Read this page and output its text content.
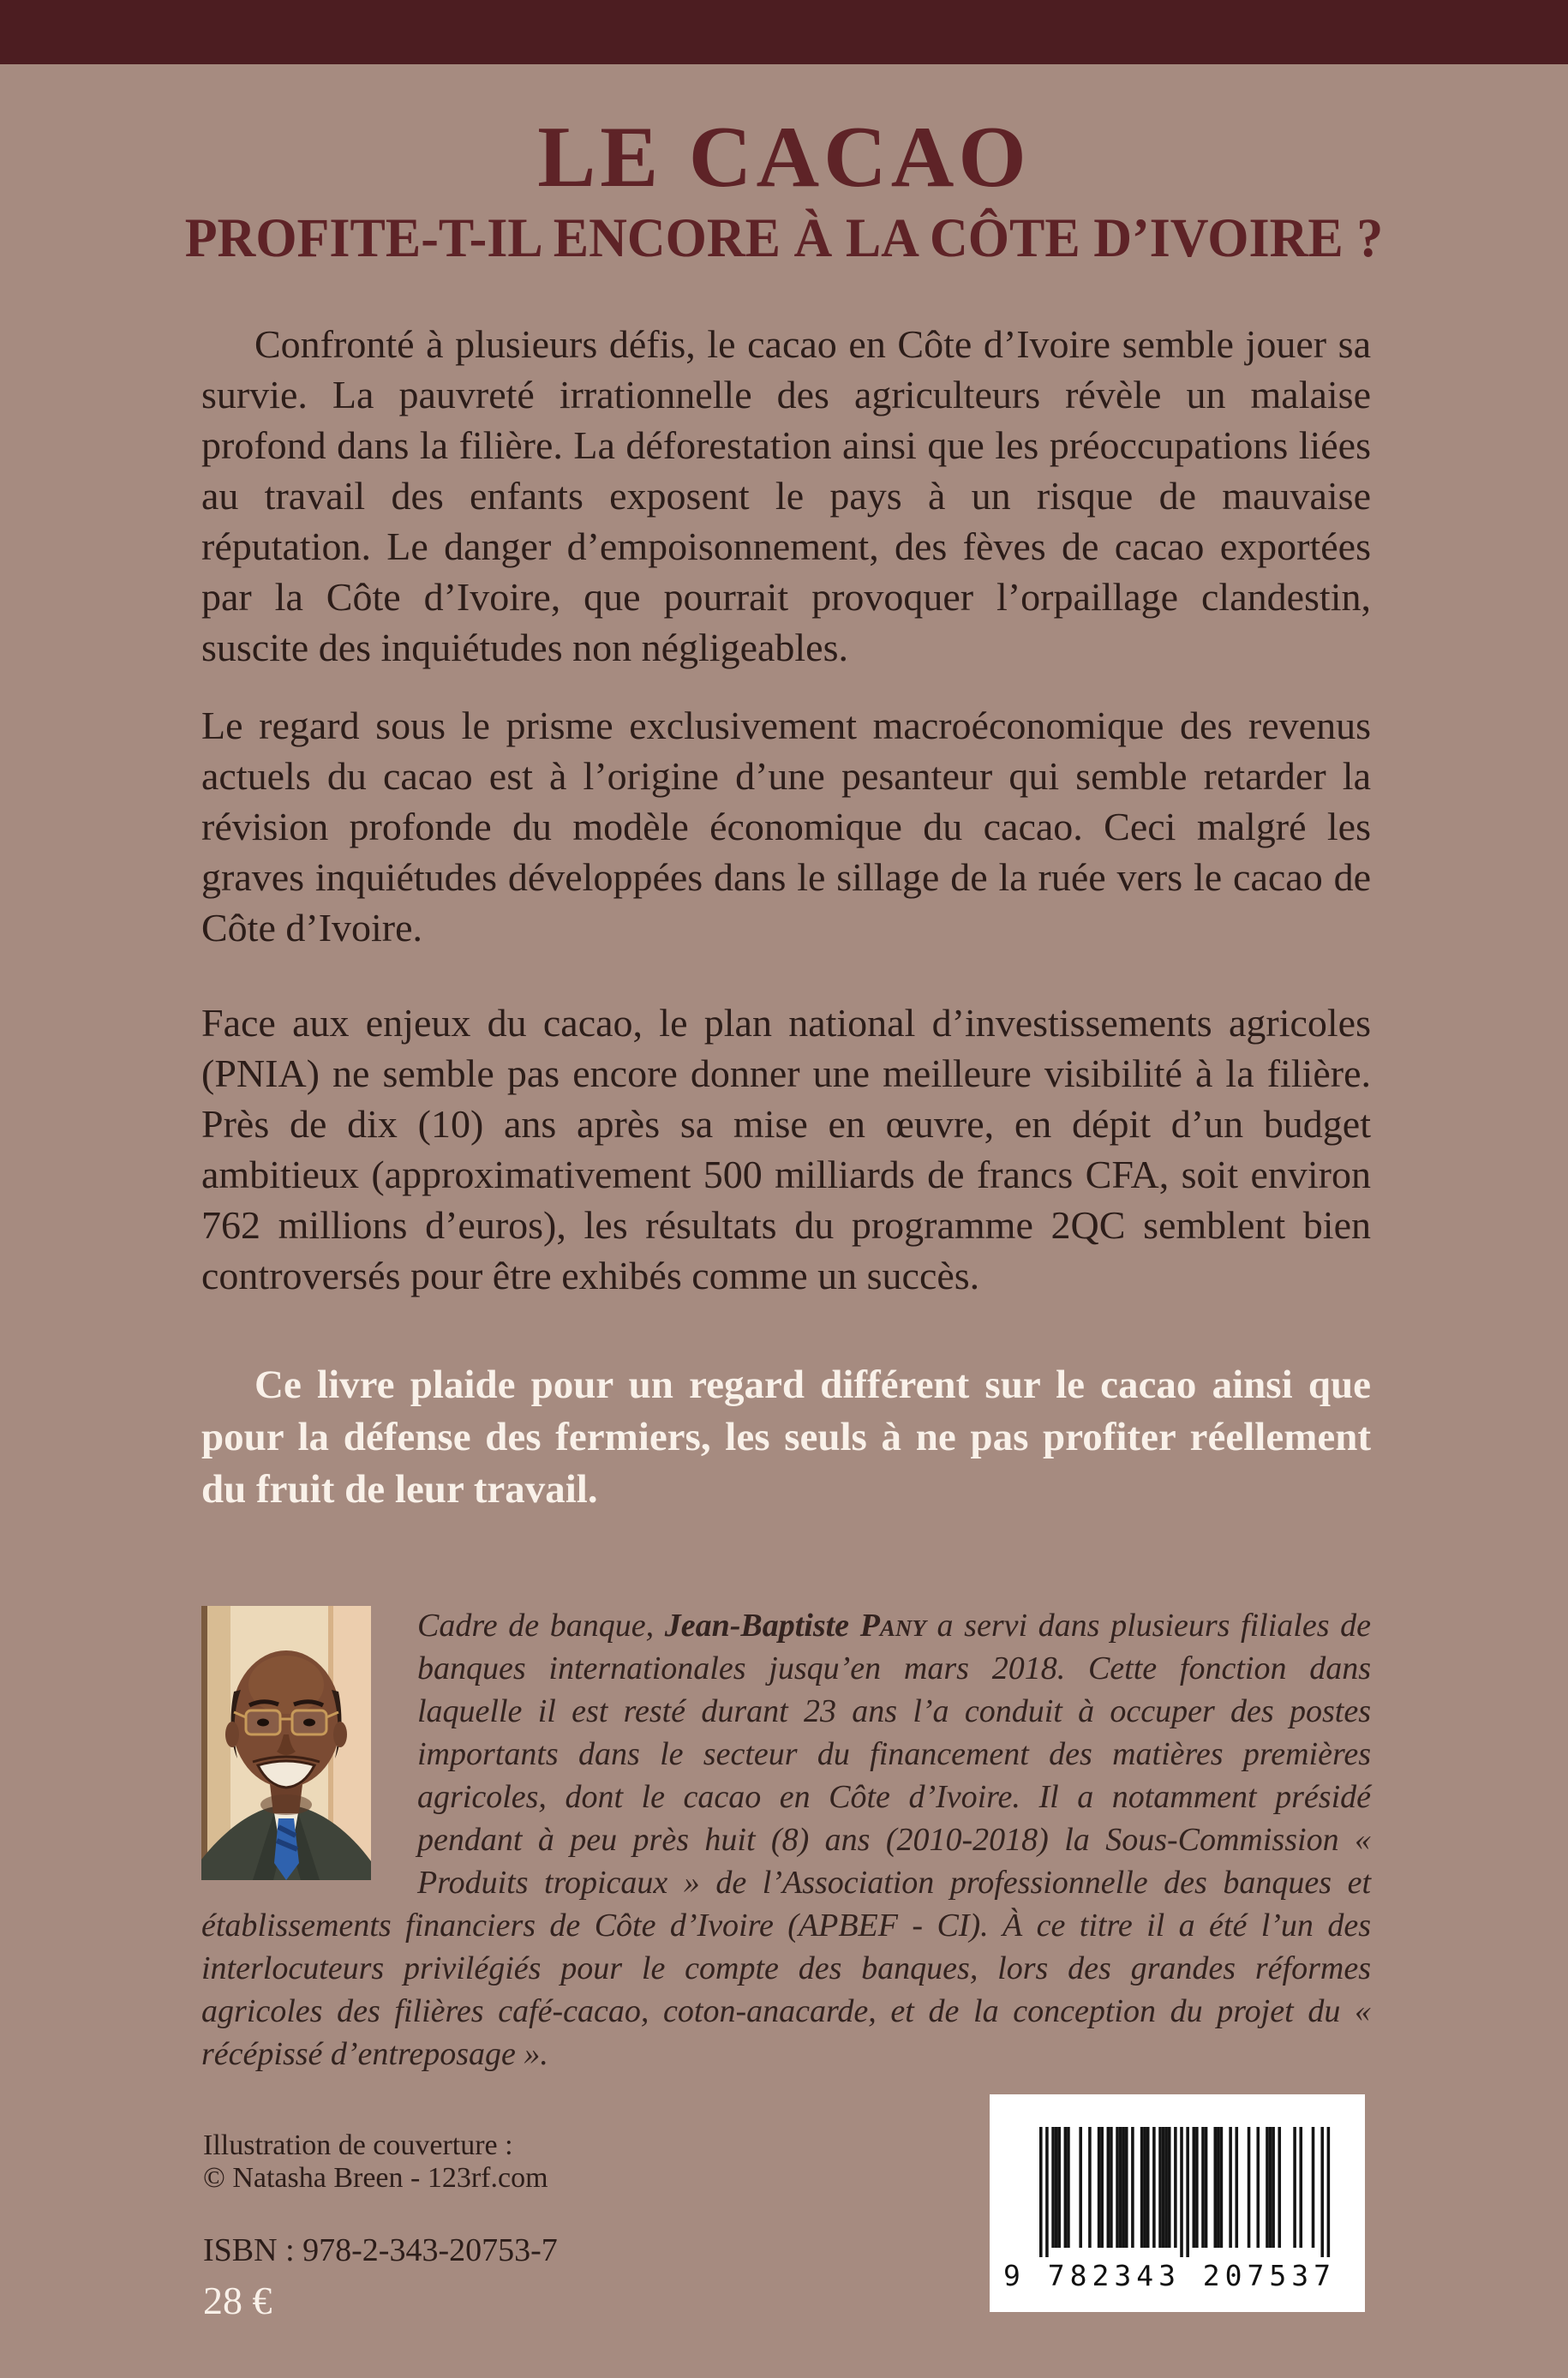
LE CACAO
PROFITE-T-IL ENCORE À LA CÔTE D’IVOIRE ?
Confronté à plusieurs défis, le cacao en Côte d’Ivoire semble jouer sa survie. La pauvreté irrationnelle des agriculteurs révèle un malaise profond dans la filière. La déforestation ainsi que les préoccupations liées au travail des enfants exposent le pays à un risque de mauvaise réputation. Le danger d’empoisonnement, des fèves de cacao exportées par la Côte d’Ivoire, que pourrait provoquer l’orpaillage clandestin, suscite des inquiétudes non négligeables.
Le regard sous le prisme exclusivement macroéconomique des revenus actuels du cacao est à l’origine d’une pesanteur qui semble retarder la révision profonde du modèle économique du cacao. Ceci malgré les graves inquiétudes développées dans le sillage de la ruée vers le cacao de Côte d’Ivoire.
Face aux enjeux du cacao, le plan national d’investissements agricoles (PNIA) ne semble pas encore donner une meilleure visibilité à la filière. Près de dix (10) ans après sa mise en œuvre, en dépit d’un budget ambitieux (approximativement 500 milliards de francs CFA, soit environ 762 millions d’euros), les résultats du programme 2QC semblent bien controversés pour être exhibés comme un succès.
Ce livre plaide pour un regard différent sur le cacao ainsi que pour la défense des fermiers, les seuls à ne pas profiter réellement du fruit de leur travail.
Cadre de banque, Jean-Baptiste Pany a servi dans plusieurs filiales de banques internationales jusqu’en mars 2018. Cette fonction dans laquelle il est resté durant 23 ans l’a conduit à occuper des postes importants dans le secteur du financement des matières premières agricoles, dont le cacao en Côte d’Ivoire. Il a notamment présidé pendant à peu près huit (8) ans (2010-2018) la Sous-Commission « Produits tropicaux » de l’Association professionnelle des banques et établissements financiers de Côte d’Ivoire (APBEF - CI). À ce titre il a été l’un des interlocuteurs privilégiés pour le compte des banques, lors des grandes réformes agricoles des filières café-cacao, coton-anacarde, et de la conception du projet du « récépissé d’entreposage ».
Illustration de couverture :
© Natasha Breen - 123rf.com
ISBN : 978-2-343-20753-7
28 €
9 782343 207537
